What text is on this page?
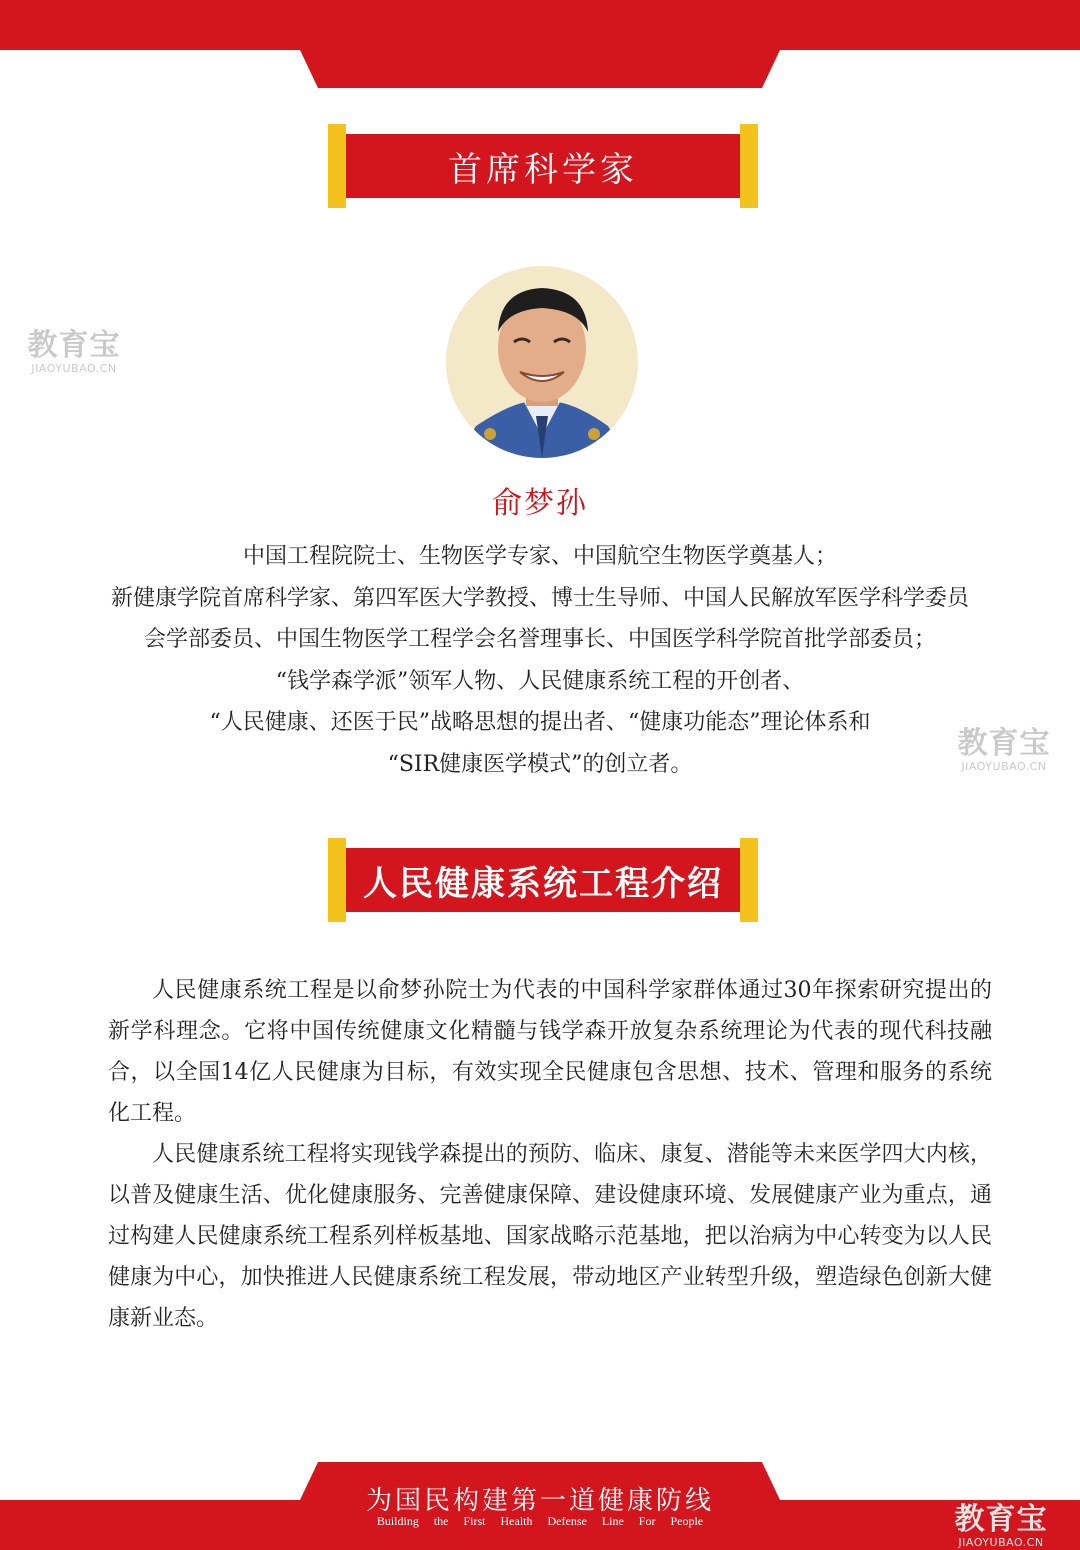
首席科学家
俞梦孙

中国工程院院士、生物医学专家、中国航空生物医学奠基人；

新健康学院首席科学家、第四军医大学教授、博士生导师、中国人民解放军医学科学委员

会学部委员、中国生物医学工程学会名誉理事长、中国医学科学院首批学部委员；

“钱学森学派”领军人物、人民健康系统工程的开创者、

“人民健康、还医于民”战略思想的提出者、“健康功能态”理论体系和

“SIR健康医学模式”的创立者。

人民健康系统工程介绍

人民健康系统工程是以俞梦孙院士为代表的中国科学家群体通过30年探索研究提出的新学科理念。它将中国传统健康文化精髓与钱学森开放复杂系统理论为代表的现代科技融合，以全国14亿人民健康为目标，有效实现全民健康包含思想、技术、管理和服务的系统化工程。

人民健康系统工程将实现钱学森提出的预防、临床、康复、潜能等未来医学四大内核，以普及健康生活、优化健康服务、完善健康保障、建设健康环境、发展健康产业为重点，通过构建人民健康系统工程系列样板基地、国家战略示范基地，把以治病为中心转变为以人民健康为中心，加快推进人民健康系统工程发展，带动地区产业转型升级，塑造绿色创新大健康新业态。

为国民构建第一道健康防线
Building the First Health Defense Line For People
教育宝
JIAOYUBAO.CN
教育宝
JIAOYUBAO.CN
教育宝
JIAOYUBAO.CN
